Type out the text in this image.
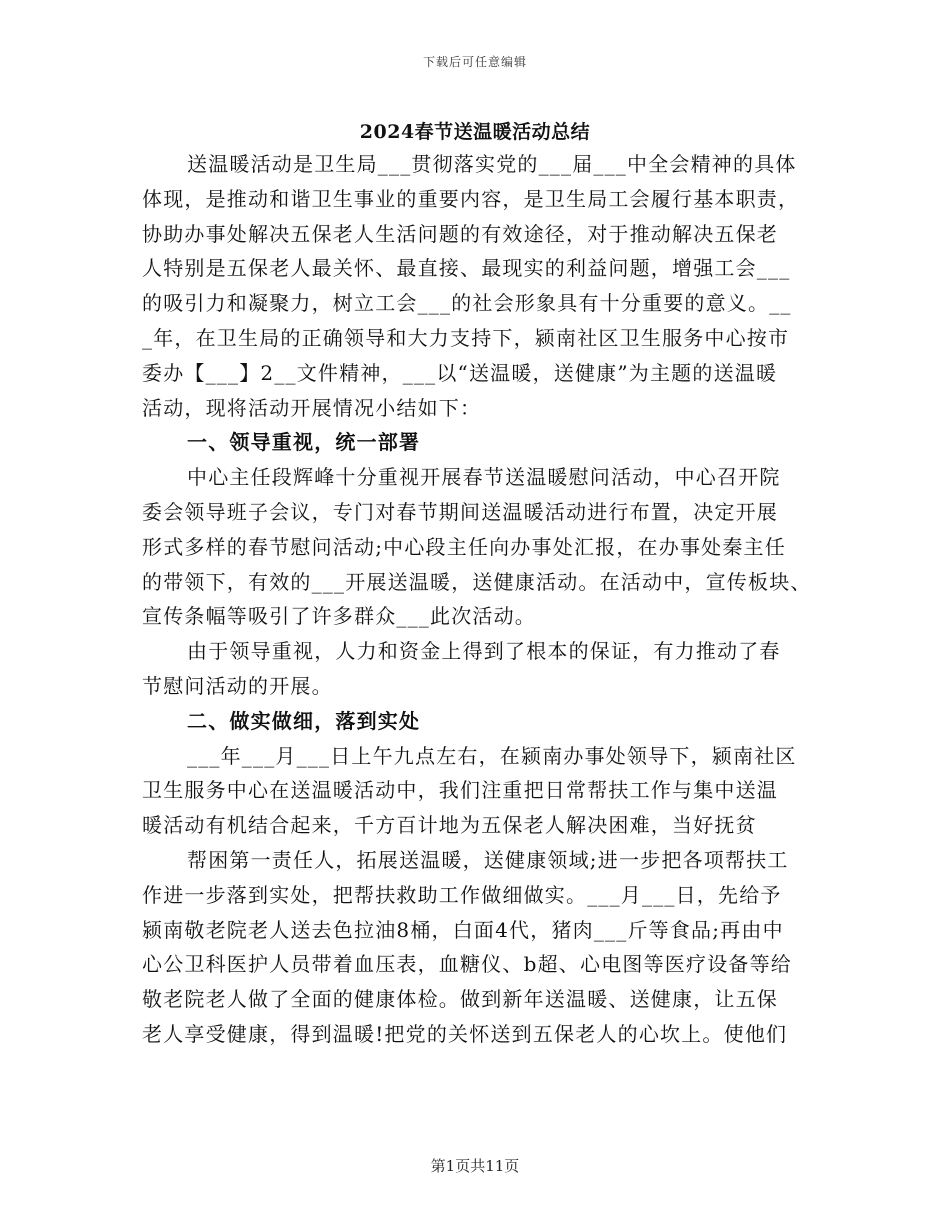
下载后可任意编辑
2024春节送温暖活动总结
送温暖活动是卫生局___贯彻落实党的___届___中全会精神的具体
体现，是推动和谐卫生事业的重要内容，是卫生局工会履行基本职责，
协助办事处解决五保老人生活问题的有效途径，对于推动解决五保老
人特别是五保老人最关怀、最直接、最现实的利益问题，增强工会___
的吸引力和凝聚力，树立工会___的社会形象具有十分重要的意义。__
_年，在卫生局的正确领导和大力支持下，颍南社区卫生服务中心按市
委办【___】2__文件精神，___以“送温暖，送健康”为主题的送温暖
活动，现将活动开展情况小结如下：
一、领导重视，统一部署
中心主任段辉峰十分重视开展春节送温暖慰问活动，中心召开院
委会领导班子会议，专门对春节期间送温暖活动进行布置，决定开展
形式多样的春节慰问活动;中心段主任向办事处汇报，在办事处秦主任
的带领下，有效的___开展送温暖，送健康活动。在活动中，宣传板块、
宣传条幅等吸引了许多群众___此次活动。
由于领导重视，人力和资金上得到了根本的保证，有力推动了春
节慰问活动的开展。
二、做实做细，落到实处
___年___月___日上午九点左右，在颍南办事处领导下，颍南社区
卫生服务中心在送温暖活动中，我们注重把日常帮扶工作与集中送温
暖活动有机结合起来，千方百计地为五保老人解决困难，当好抚贫
帮困第一责任人，拓展送温暖，送健康领域;进一步把各项帮扶工
作进一步落到实处，把帮扶救助工作做细做实。___月___日，先给予
颍南敬老院老人送去色拉油8桶，白面4代，猪肉___斤等食品;再由中
心公卫科医护人员带着血压表，血糖仪、b超、心电图等医疗设备等给
敬老院老人做了全面的健康体检。做到新年送温暖、送健康，让五保
老人享受健康，得到温暖!把党的关怀送到五保老人的心坎上。使他们
第1页共11页
